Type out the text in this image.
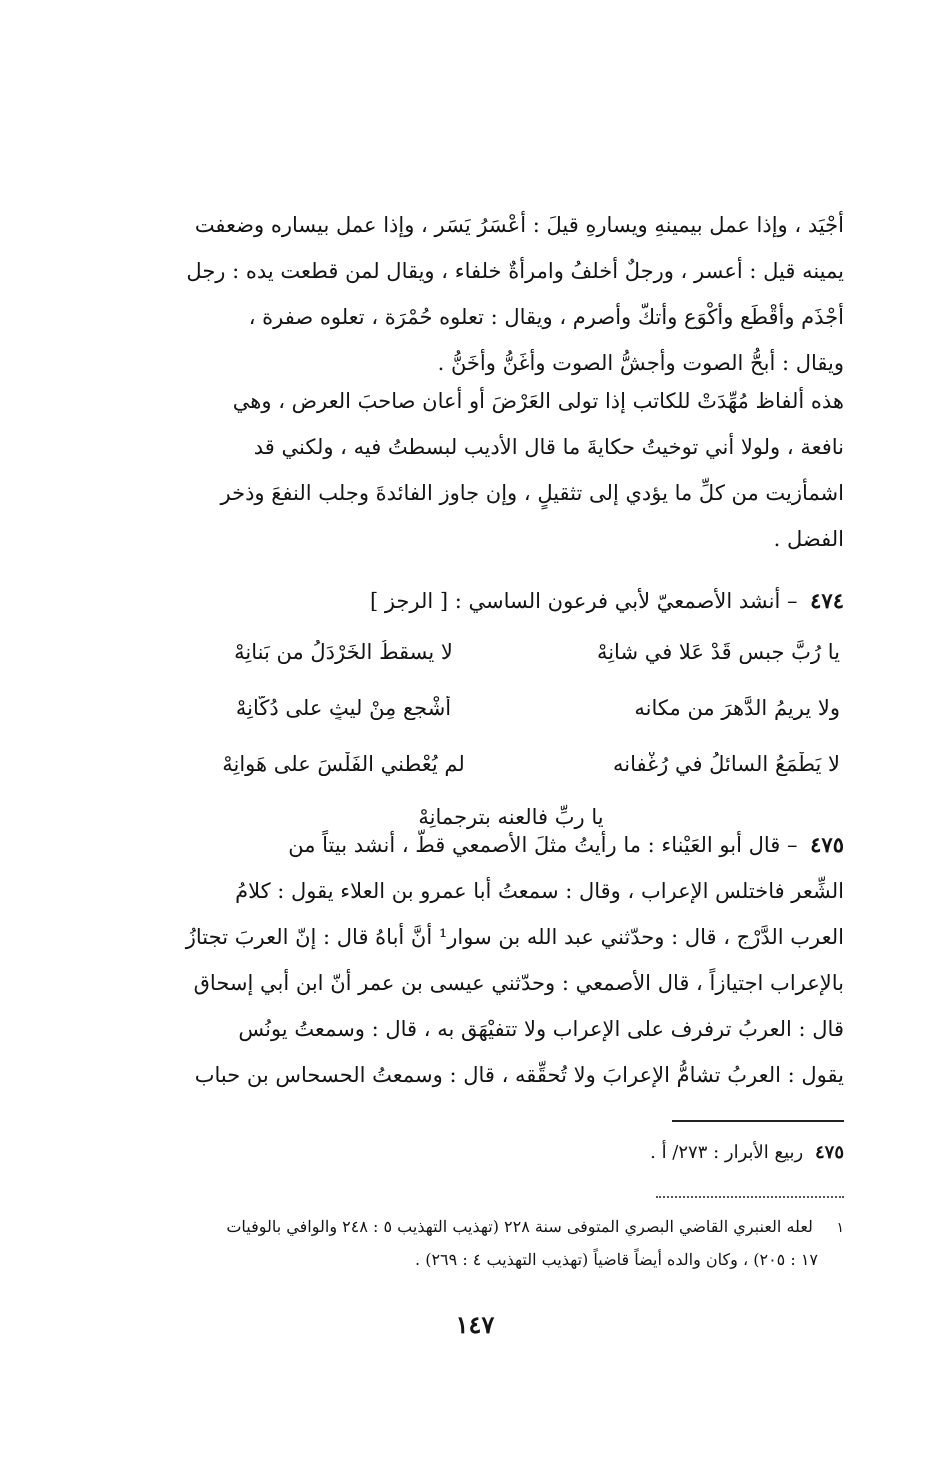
أجْيَد ، وإذا عمل بيمينهِ ويسارهِ قيلَ : أعْسَرُ يَسَر ، وإذا عمل بيساره وضعفت
يمينه قيل : أعسر ، ورجلٌ أخلفُ وامرأةٌ خلفاء ، ويقال لمن قطعت يده : رجل
أجْذَم وأقْطَع وأكْوَع وأتكّ وأصرم ، ويقال : تعلوه حُمْرَة ، تعلوه صفرة ،
ويقال : أبحُّ الصوت وأجشُّ الصوت وأغَنُّ وأخَنُّ .
هذه ألفاظ مُهِّدَتْ للكاتب إذا تولى العَرْضَ أو أعان صاحبَ العرض ، وهي
نافعة ، ولولا أني توخيتُ حكايةَ ما قال الأديب لبسطتُ فيه ، ولكني قد
اشمأزيت من كلِّ ما يؤدي إلى تثقيلٍ ، وإن جاوز الفائدةَ وجلب النفعَ وذخر
الفضل .
٤٧٤ – أنشد الأصمعيّ لأبي فرعون الساسي : [ الرجز ]
يا رُبَّ جبسٍ قَدْ عَلا في شانِهْ
لا يسقطُ الخَرْدَلُ من بَنانِهْ
ولا يريمُ الدَّهرَ من مكانه
أشْجع مِنْ ليثٍ على دُكَّانِهْ
لا يَطْمَعُ السائلُ في رُغْفانه
لم يُعْطني الفَلْسَ على هَوانِهْ
يا ربِّ فالعنه بترجمانِهْ
٤٧٥ – قال أبو العَيْناء : ما رأيتُ مثلَ الأصمعي قطّ ، أنشد بيتاً من
الشِّعر فاختلس الإعراب ، وقال : سمعتُ أبا عمرو بن العلاء يقول : كلامُ
العرب الدَّرْج ، قال : وحدّثني عبد الله بن سوار¹ أنَّ أباهُ قال : إنّ العربَ تجتازُ
بالإعراب اجتيازاً ، قال الأصمعي : وحدّثني عيسى بن عمر أنّ ابن أبي إسحاق
قال : العربُ ترفرف على الإعراب ولا تتفيْهَق به ، قال : وسمعتُ يونُس
يقول : العربُ تشامُّ الإعرابَ ولا تُحقِّقه ، قال : وسمعتُ الحسحاس بن حباب
٤٧٥ ربيع الأبرار : ٢٧٣/ أ .
١ لعله العنبري القاضي البصري المتوفى سنة ٢٢٨ (تهذيب التهذيب ٥ : ٢٤٨ والوافي بالوفيات
١٧ : ٢٠٥) ، وكان والده أيضاً قاضياً (تهذيب التهذيب ٤ : ٢٦٩) .
١٤٧
